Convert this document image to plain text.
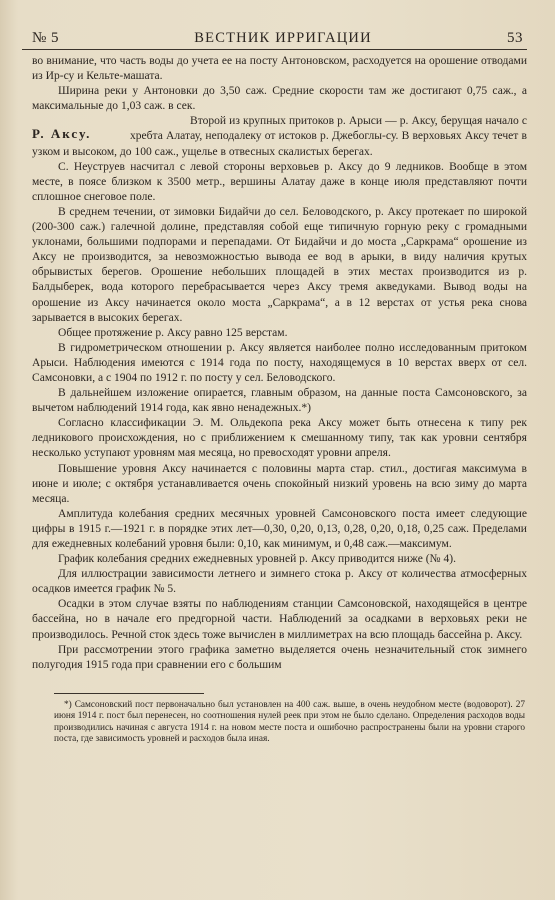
№ 5	ВЕСТНИК ИРРИГАЦИИ	53

во внимание, что часть воды до учета ее на посту Антоновском, расходуется на орошение отводами из Ир-су и Кельте-машата.

Ширина реки у Антоновки до 3,50 саж. Средние скорости там же достигают 0,75 саж., а максимальные до 1,03 саж. в сек.

Р. Аксу.

Второй из крупных притоков р. Арыси — р. Аксу, берущая начало с хребта Алатау, неподалеку от истоков р. Джебоглы-су. В верховьях Аксу течет в узком и высоком, до 100 саж., ущелье в отвесных скалистых берегах.

С. Неуструев насчитал с левой стороны верховьев р. Аксу до 9 ледников. Вообще в этом месте, в поясе близком к 3500 метр., вершины Алатау даже в конце июля представляют почти сплошное снеговое поле.

В среднем течении, от зимовки Бидайчи до сел. Беловодского, р. Аксу протекает по широкой (200-300 саж.) галечной долине, представляя собой еще типичную горную реку с громадными уклонами, большими подпорами и перепадами. От Бидайчи и до моста „Саркрама“ орошение из Аксу не производится, за невозможностью вывода ее вод в арыки, в виду наличия крутых обрывистых берегов. Орошение небольших площадей в этих местах производится из р. Балдыберек, вода которого перебрасывается через Аксу тремя акведуками. Вывод воды на орошение из Аксу начинается около моста „Саркрама“, а в 12 верстах от устья река снова зарывается в высоких берегах.

Общее протяжение р. Аксу равно 125 верстам.

В гидрометрическом отношении р. Аксу является наиболее полно исследованным притоком Арыси. Наблюдения имеются с 1914 года по посту, находящемуся в 10 верстах вверх от сел. Самсоновки, а с 1904 по 1912 г. по посту у сел. Беловодского.

В дальнейшем изложение опирается, главным образом, на данные поста Самсоновского, за вычетом наблюдений 1914 года, как явно ненадежных.*)

Согласно классификации Э. М. Ольдекопа река Аксу может быть отнесена к типу рек ледникового происхождения, но с приближением к смешанному типу, так как уровни сентября несколько уступают уровням мая месяца, но превосходят уровни апреля.

Повышение уровня Аксу начинается с половины марта стар. стил., достигая максимума в июне и июле; с октября устанавливается очень спокойный низкий уровень на всю зиму до марта месяца.

Амплитуда колебания средних месячных уровней Самсоновского поста имеет следующие цифры в 1915 г.—1921 г. в порядке этих лет—0,30, 0,20, 0,13, 0,28, 0,20, 0,18, 0,25 саж. Пределами для ежедневных колебаний уровня были: 0,10, как минимум, и 0,48 саж.—максимум.

График колебания средних ежедневных уровней р. Аксу приводится ниже (№ 4).

Для иллюстрации зависимости летнего и зимнего стока р. Аксу от количества атмосферных осадков имеется график № 5.

Осадки в этом случае взяты по наблюдениям станции Самсоновской, находящейся в центре бассейна, но в начале его предгорной части. Наблюдений за осадками в верховьях реки не производилось. Речной сток здесь тоже вычислен в миллиметрах на всю площадь бассейна р. Аксу.

При рассмотрении этого графика заметно выделяется очень незначительный сток зимнего полугодия 1915 года при сравнении его с большим

*) Самсоновский пост первоначально был установлен на 400 саж. выше, в очень неудобном месте (водоворот). 27 июня 1914 г. пост был перенесен, но соотношения нулей реек при этом не было сделано. Определения расходов воды производились начиная с августа 1914 г. на новом месте поста и ошибочно распространены были на уровни старого поста, где зависимость уровней и расходов была иная.
